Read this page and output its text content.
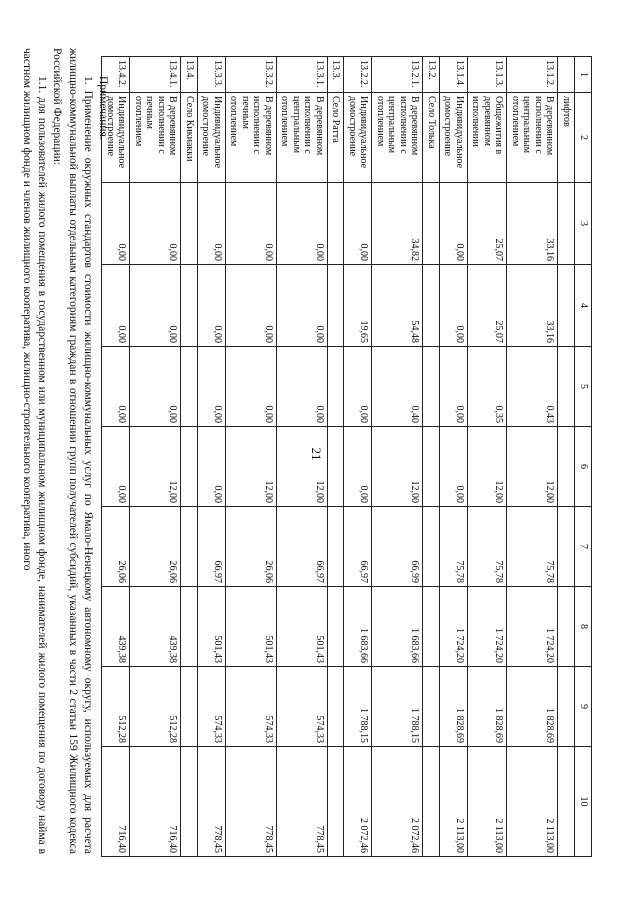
21
1	2	3	4	5	6	7	8	9	10
	лифтов								
13.1.2.	В деревянном исполнении с центральным отоплением	33,16	33,16	0,43	12,00	75,78	1 724,20	1 828,69	2 113,00
13.1.3.	Общежития в деревянном исполнении	25,07	25,07	0,35	12,00	75,78	1 724,20	1 828,69	2 113,00
13.1.4.	Индивидуальное домостроение	0,00	0,00	0,00	0,00	75,78	1 724,20	1 828,69	2 113,00
13.2.	Село Толька								
13.2.1.	В деревянном исполнении с центральным отоплением	34,82	54,48	0,40	12,00	66,99	1 683,66	1 788,15	2 072,46
13.2.2.	Индивидуальное домостроение	0,00	19,65	0,00	0,00	66,97	1 683,66	1 788,15	2 072,46
13.3.	Село Ратта								
13.3.1.	В деревянном исполнении с центральным отоплением	0,00	0,00	0,00	12,00	66,97	501,43	574,33	778,45
13.3.2.	В деревянном исполнении с печным отоплением	0,00	0,00	0,00	12,00	26,06	501,43	574,33	778,45
13.3.3.	Индивидуальное домостроение	0,00	0,00	0,00	0,00	66,97	501,43	574,33	778,45
13.4.	Село Кикиакки								
13.4.1.	В деревянном исполнении с печным отоплением	0,00	0,00	0,00	12,00	26,06	439,38	512,28	716,40
13.4.2.	Индивидуальное домостроение	0,00	0,00	0,00	0,00	26,06	439,38	512,28	716,40

Примечания.

1. Применение окружных стандартов стоимости жилищно-коммунальных услуг по Ямало-Ненецкому автономному округу, используемых для расчета жилищно-коммунальной выплаты отдельным категориям граждан в отношении групп получателей субсидий, указанных в части 2 статьи 159 Жилищного кодекса Российской Федерации:

1.1. для пользователей жилого помещения в государственном или муниципальном жилищном фонде, нанимателей жилого помещения по договору найма в частном жилищном фонде и членов жилищного кооператива, жилищно-строительного кооператива, иного
